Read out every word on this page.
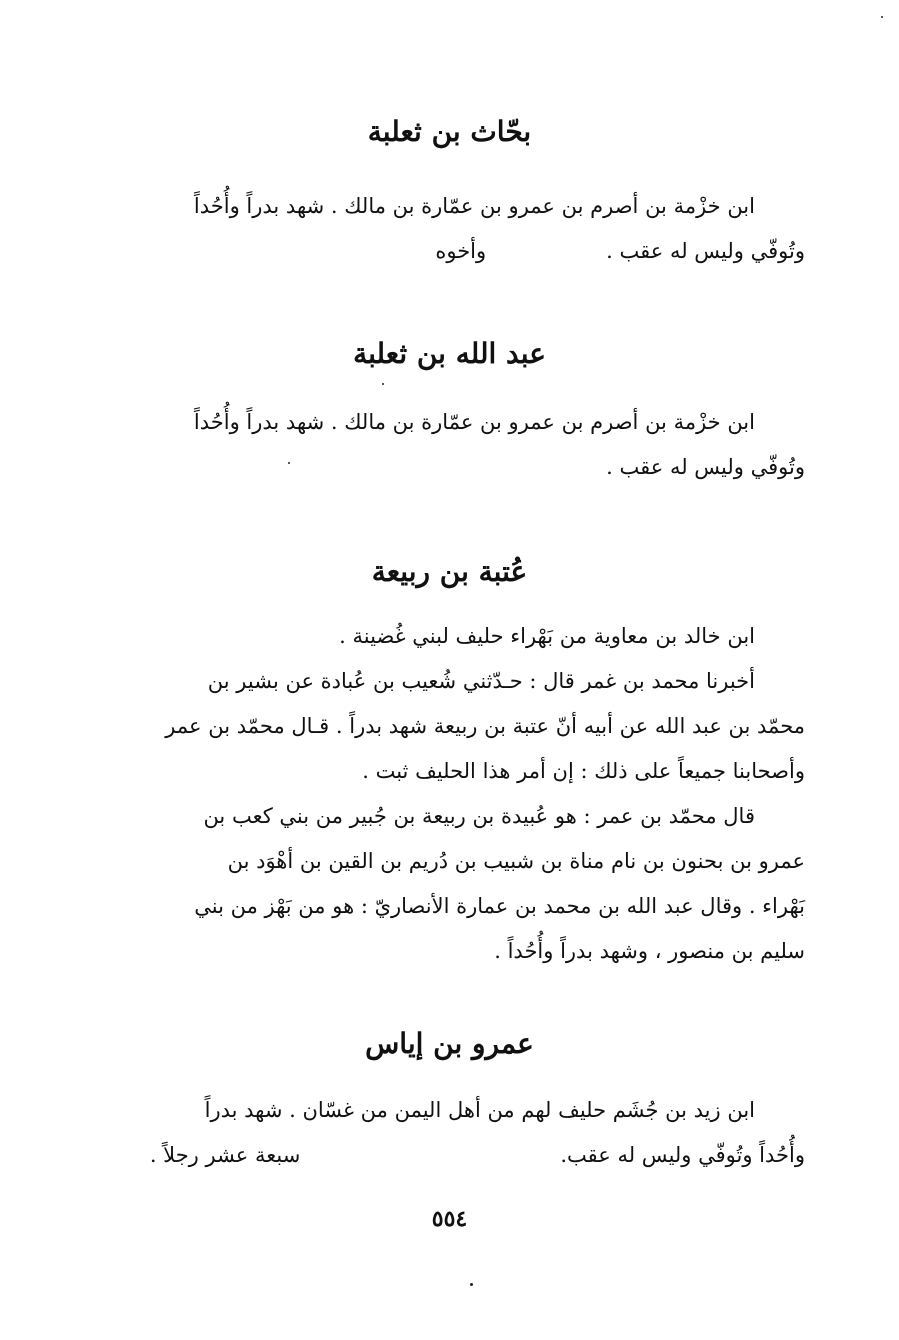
بحّاث بن ثعلبة
ابن خزْمة بن أصرم بن عمرو بن عمّارة بن مالك . شهد بدراً وأُحُداً
وتُوفّي وليس له عقب .وأخوه
عبد الله بن ثعلبة
ابن خزْمة بن أصرم بن عمرو بن عمّارة بن مالك . شهد بدراً وأُحُداً
وتُوفّي وليس له عقب .
عُتبة بن ربيعة
ابن خالد بن معاوية من بَهْراء حليف لبني غُضينة .
أخبرنا محمد بن غمر قال : حـدّثني شُعيب بن عُبادة عن بشير بن
محمّد بن عبد الله عن أبيه أنّ عتبة بن ربيعة شهد بدراً . قـال محمّد بن عمر
وأصحابنا جميعاً على ذلك : إن أمر هذا الحليف ثبت .
قال محمّد بن عمر : هو عُبيدة بن ربيعة بن جُبير من بني كعب بن
عمرو بن بحنون بن نام مناة بن شبيب بن دُريم بن القين بن أهْوَد بن
بَهْراء . وقال عبد الله بن محمد بن عمارة الأنصاريّ : هو من بَهْز من بني
سليم بن منصور ، وشهد بدراً وأُحُداً .
عمرو بن إياس
ابن زيد بن جُشَم حليف لهم من أهل اليمن من غسّان . شهد بدراً
وأُحُداً وتُوفّي وليس له عقب.سبعة عشر رجلاً .
٥٥٤
